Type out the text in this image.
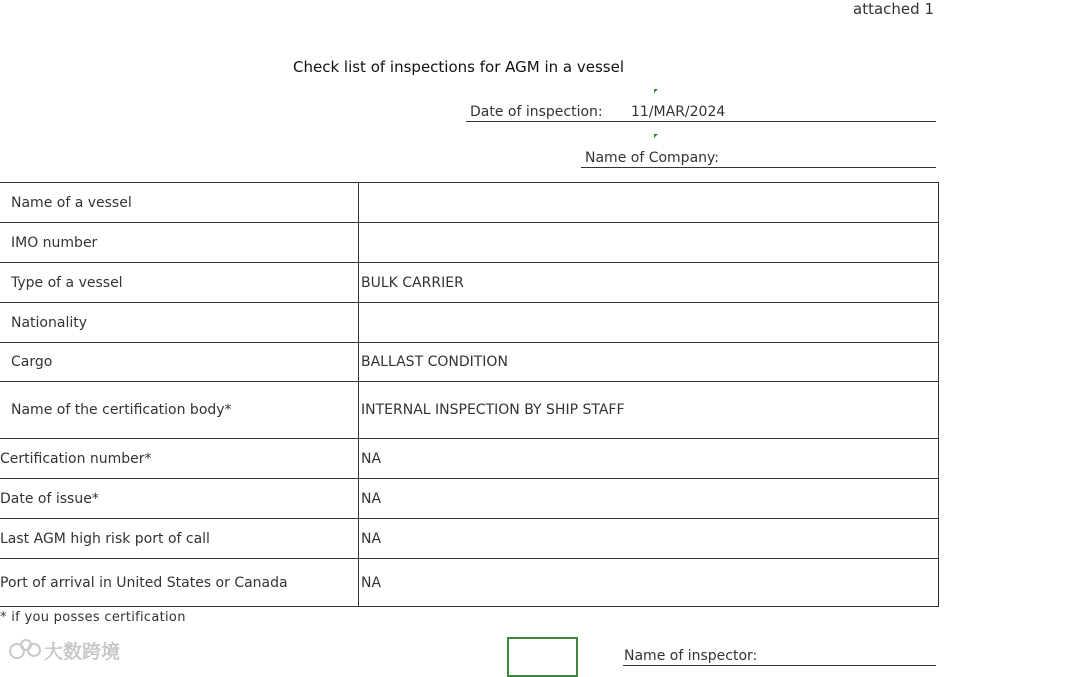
attached 1
Check list of inspections for AGM in a vessel
Date of inspection: 11/MAR/2024
Name of Company:
Name of a vessel	
IMO number	
Type of a vessel	BULK CARRIER
Nationality	
Cargo	BALLAST CONDITION
Name of the certification body*	INTERNAL INSPECTION BY SHIP STAFF
Certification number*	NA
Date of issue*	NA
Last AGM high risk port of call	NA
Port of arrival in United States or Canada	NA
* if you posses certification
Name of inspector:
大数跨境
